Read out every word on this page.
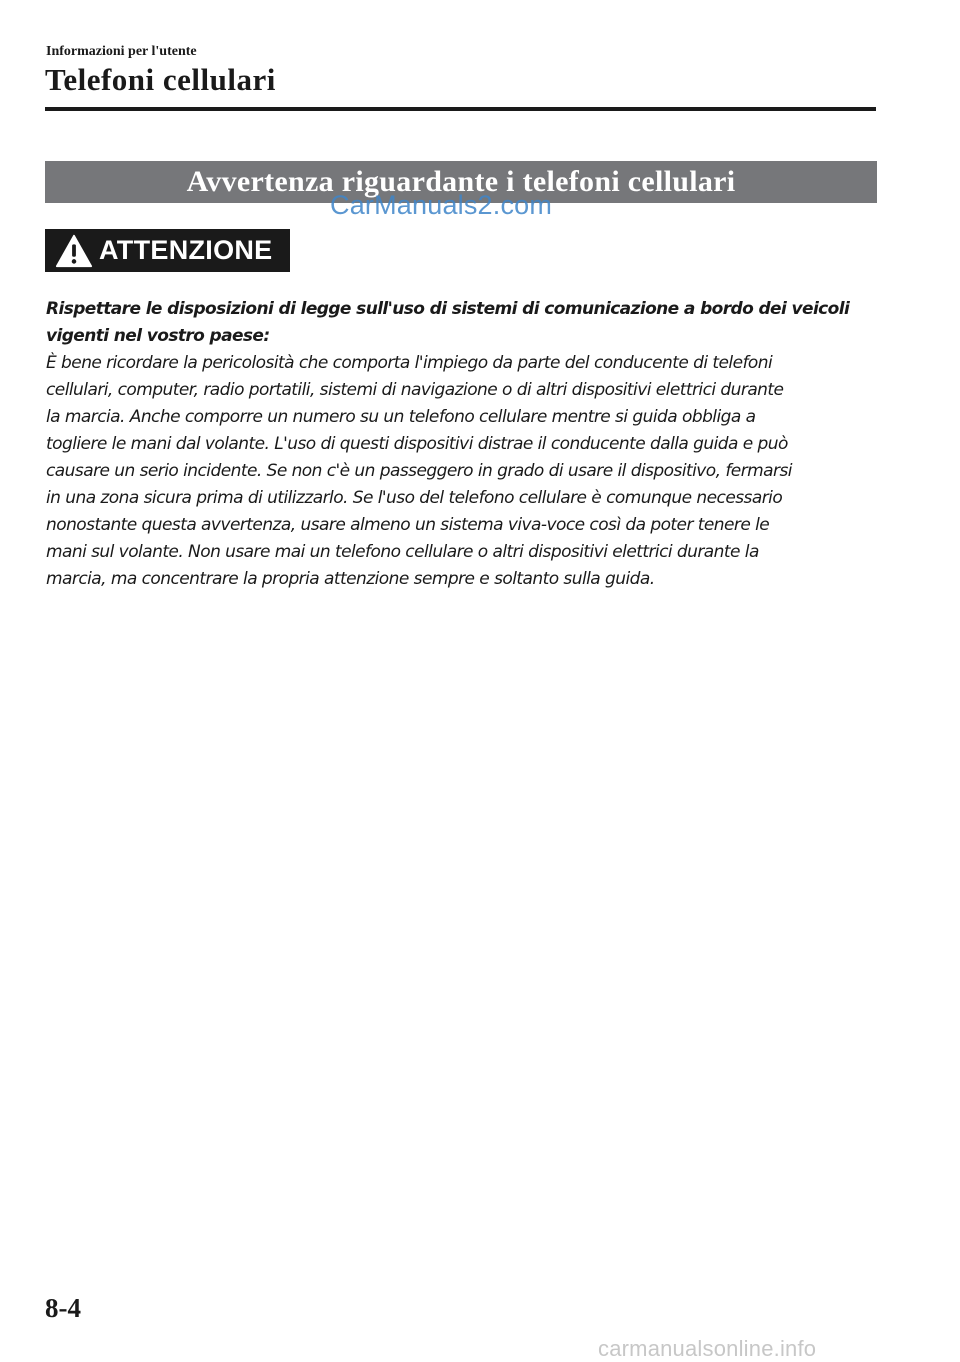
Informazioni per l'utente
Telefoni cellulari
Avvertenza riguardante i telefoni cellulari
CarManuals2.com
ATTENZIONE
Rispettare le disposizioni di legge sull'uso di sistemi di comunicazione a bordo dei veicoli
vigenti nel vostro paese:
È bene ricordare la pericolosità che comporta l'impiego da parte del conducente di telefoni
cellulari, computer, radio portatili, sistemi di navigazione o di altri dispositivi elettrici durante
la marcia. Anche comporre un numero su un telefono cellulare mentre si guida obbliga a
togliere le mani dal volante. L'uso di questi dispositivi distrae il conducente dalla guida e può
causare un serio incidente. Se non c'è un passeggero in grado di usare il dispositivo, fermarsi
in una zona sicura prima di utilizzarlo. Se l'uso del telefono cellulare è comunque necessario
nonostante questa avvertenza, usare almeno un sistema viva-voce così da poter tenere le
mani sul volante. Non usare mai un telefono cellulare o altri dispositivi elettrici durante la
marcia, ma concentrare la propria attenzione sempre e soltanto sulla guida.
8-4
carmanualsonline.info
